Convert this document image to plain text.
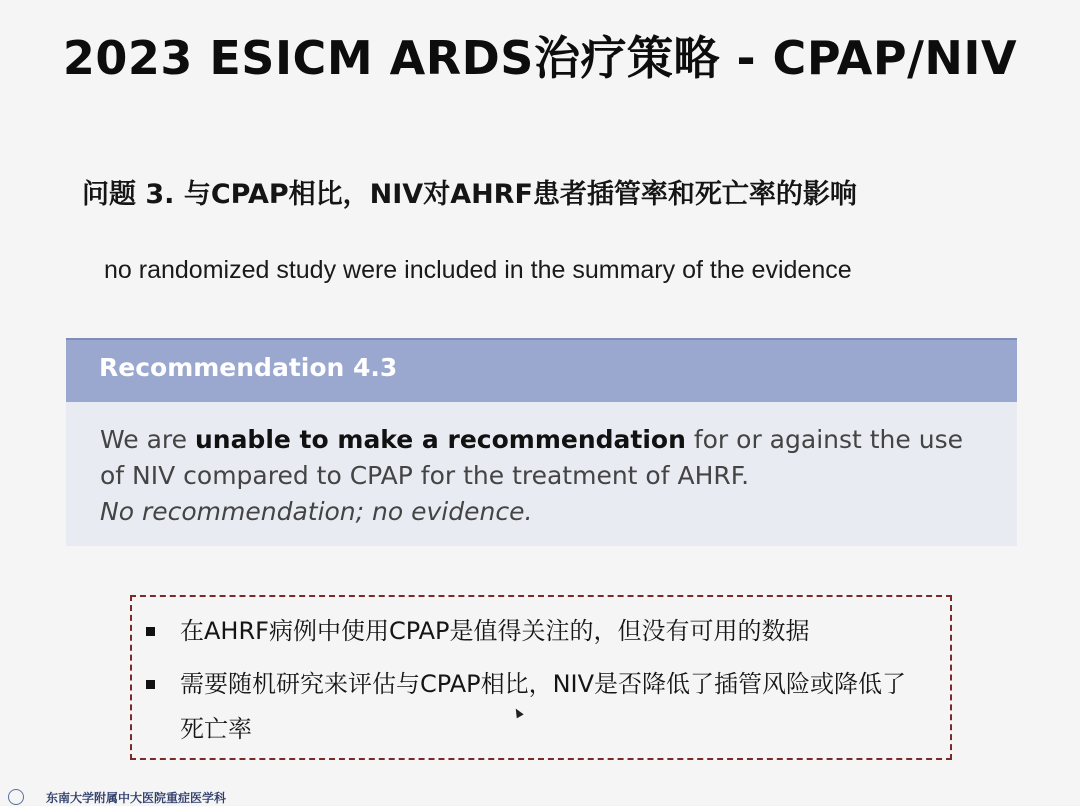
2023 ESICM ARDS治疗策略 - CPAP/NIV
问题 3. 与CPAP相比，NIV对AHRF患者插管率和死亡率的影响
no randomized study were included in the summary of the evidence
Recommendation 4.3
We are unable to make a recommendation for or against the use of NIV compared to CPAP for the treatment of AHRF.
No recommendation; no evidence.
在AHRF病例中使用CPAP是值得关注的，但没有可用的数据
需要随机研究来评估与CPAP相比，NIV是否降低了插管风险或降低了死亡率
东南大学附属中大医院重症医学科
